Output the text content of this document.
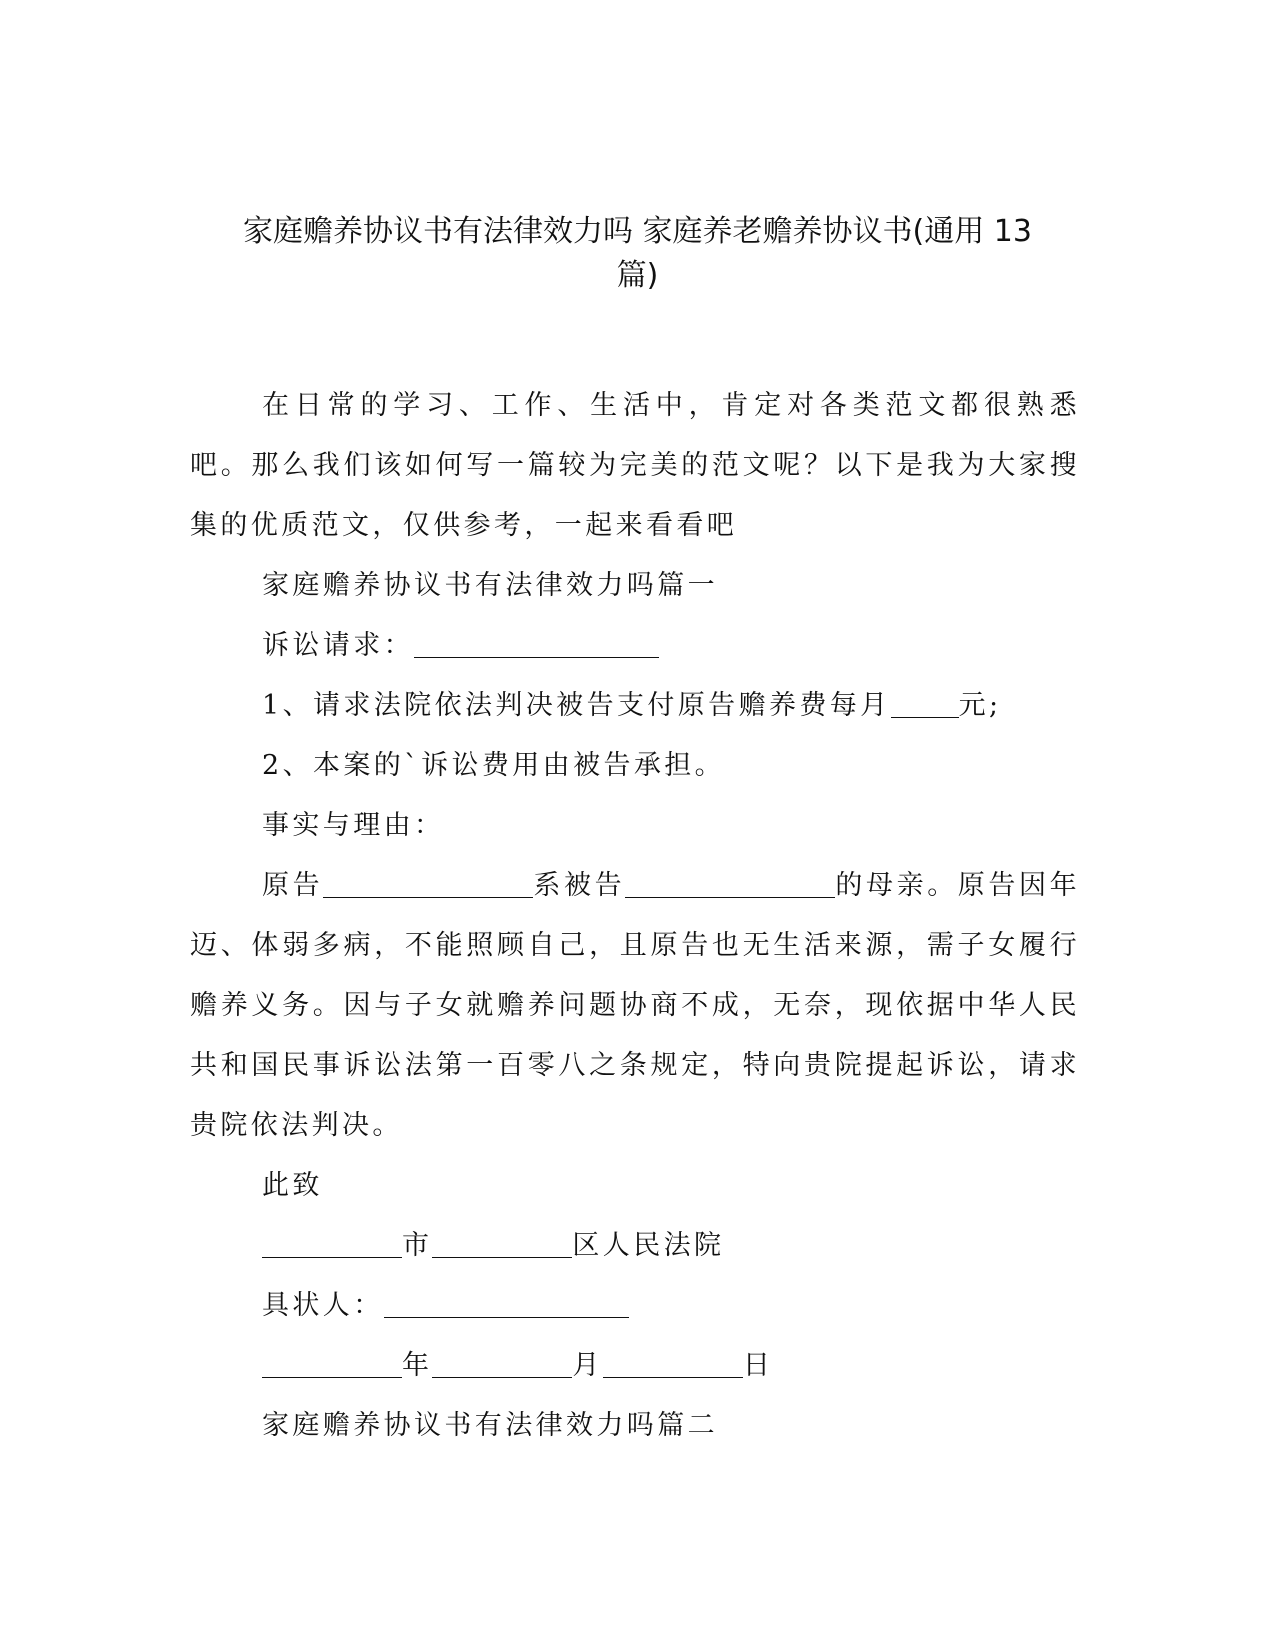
家庭赡养协议书有法律效力吗 家庭养老赡养协议书(通用 13
篇)

在日常的学习、工作、生活中，肯定对各类范文都很熟悉吧。那么我们该如何写一篇较为完美的范文呢？以下是我为大家搜集的优质范文，仅供参考，一起来看看吧

家庭赡养协议书有法律效力吗篇一

诉讼请求：

1、请求法院依法判决被告支付原告赡养费每月	元;

2、本案的`诉讼费用由被告承担。

事实与理由：

原告	系被告	的母亲。原告因年迈、体弱多病，不能照顾自己，且原告也无生活来源，需子女履行赡养义务。因与子女就赡养问题协商不成，无奈，现依据中华人民共和国民事诉讼法第一百零八之条规定，特向贵院提起诉讼，请求贵院依法判决。

此致

市	区人民法院

具状人：

年	月	日

家庭赡养协议书有法律效力吗篇二
